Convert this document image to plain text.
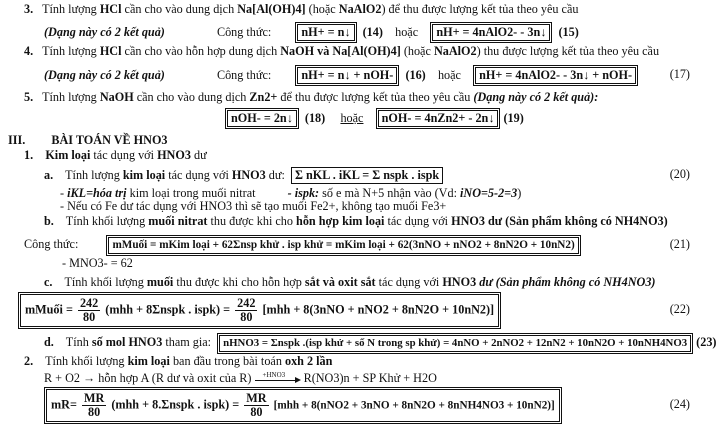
3. Tính lượng HCl cần cho vào dung dịch Na[Al(OH)4] (hoặc NaAlO2) để thu được lượng kết tủa theo yêu cầu
(Dạng này có 2 kết quả)	Công thức: nH+ = n↓ (14) hoặc nH+ = 4nAlO2- - 3n↓ (15)
4. Tính lượng HCl cần cho vào hỗn hợp dung dịch NaOH và Na[Al(OH)4] (hoặc NaAlO2) thu được lượng kết tủa theo yêu cầu
(Dạng này có 2 kết quả)	Công thức: nH+ = n↓ + nOH- (16) hoặc nH+ = 4nAlO2- - 3n↓ + nOH-	(17)
5. Tính lượng NaOH cần cho vào dung dịch Zn2+ để thu được lượng kết tủa theo yêu cầu (Dạng này có 2 kết quả):
nOH- = 2n↓ (18) hoặc nOH- = 4nZn2+ - 2n↓ (19)
III. BÀI TOÁN VỀ HNO3
1. Kim loại tác dụng với HNO3 dư
a. Tính lượng kim loại tác dụng với HNO3 dư: Σ nKL . iKL = Σ nspk . ispk	(20)
- iKL=hóa trị kim loại trong muối nitrat	- ispk: số e mà N+5 nhận vào (Vd: iNO=5-2=3)
- Nếu có Fe dư tác dụng với HNO3 thì sẽ tạo muối Fe2+, không tạo muối Fe3+
b. Tính khối lượng muối nitrat thu được khi cho hỗn hợp kim loại tác dụng với HNO3 dư (Sản phẩm không có NH4NO3)
Công thức:	mMuối = mKim loại + 62Σnsp khử . isp khử = mKim loại + 62(3nNO + nNO2 + 8nN2O + 10nN2)	(21)
- MNO3- = 62
c. Tính khối lượng muối thu được khi cho hỗn hợp sắt và oxit sắt tác dụng với HNO3 dư (Sản phẩm không có NH4NO3)
mMuối = $\frac{242}{80} (mhh$ + 8Σnspk . ispk) = $\frac{242}{80} [mhh + 8(3nNO + nNO2 + 8nN2O + 10nN2)]$	(22)
d. Tính số mol HNO3 tham gia: nHNO3 = Σnspk .(isp khử + số N trong sp khử) = 4nNO + 2nNO2 + 12nN2 + 10nN2O + 10nNH4NO3 (23)
2. Tính khối lượng kim loại ban đầu trong bài toán oxh 2 lần
R + O2 → hỗn hợp A (R dư và oxit của R) +HNO3 R(NO3)n + SP Khử + H2O
$mR= \frac{MR}{80} (mhh$ + 8.Σnspk . ispk) = $\frac{MR}{80} [mhh + 8(nNO2 + 3nNO + 8nN2O + 8nNH4NO3 + 10nN2)]$	(24)
